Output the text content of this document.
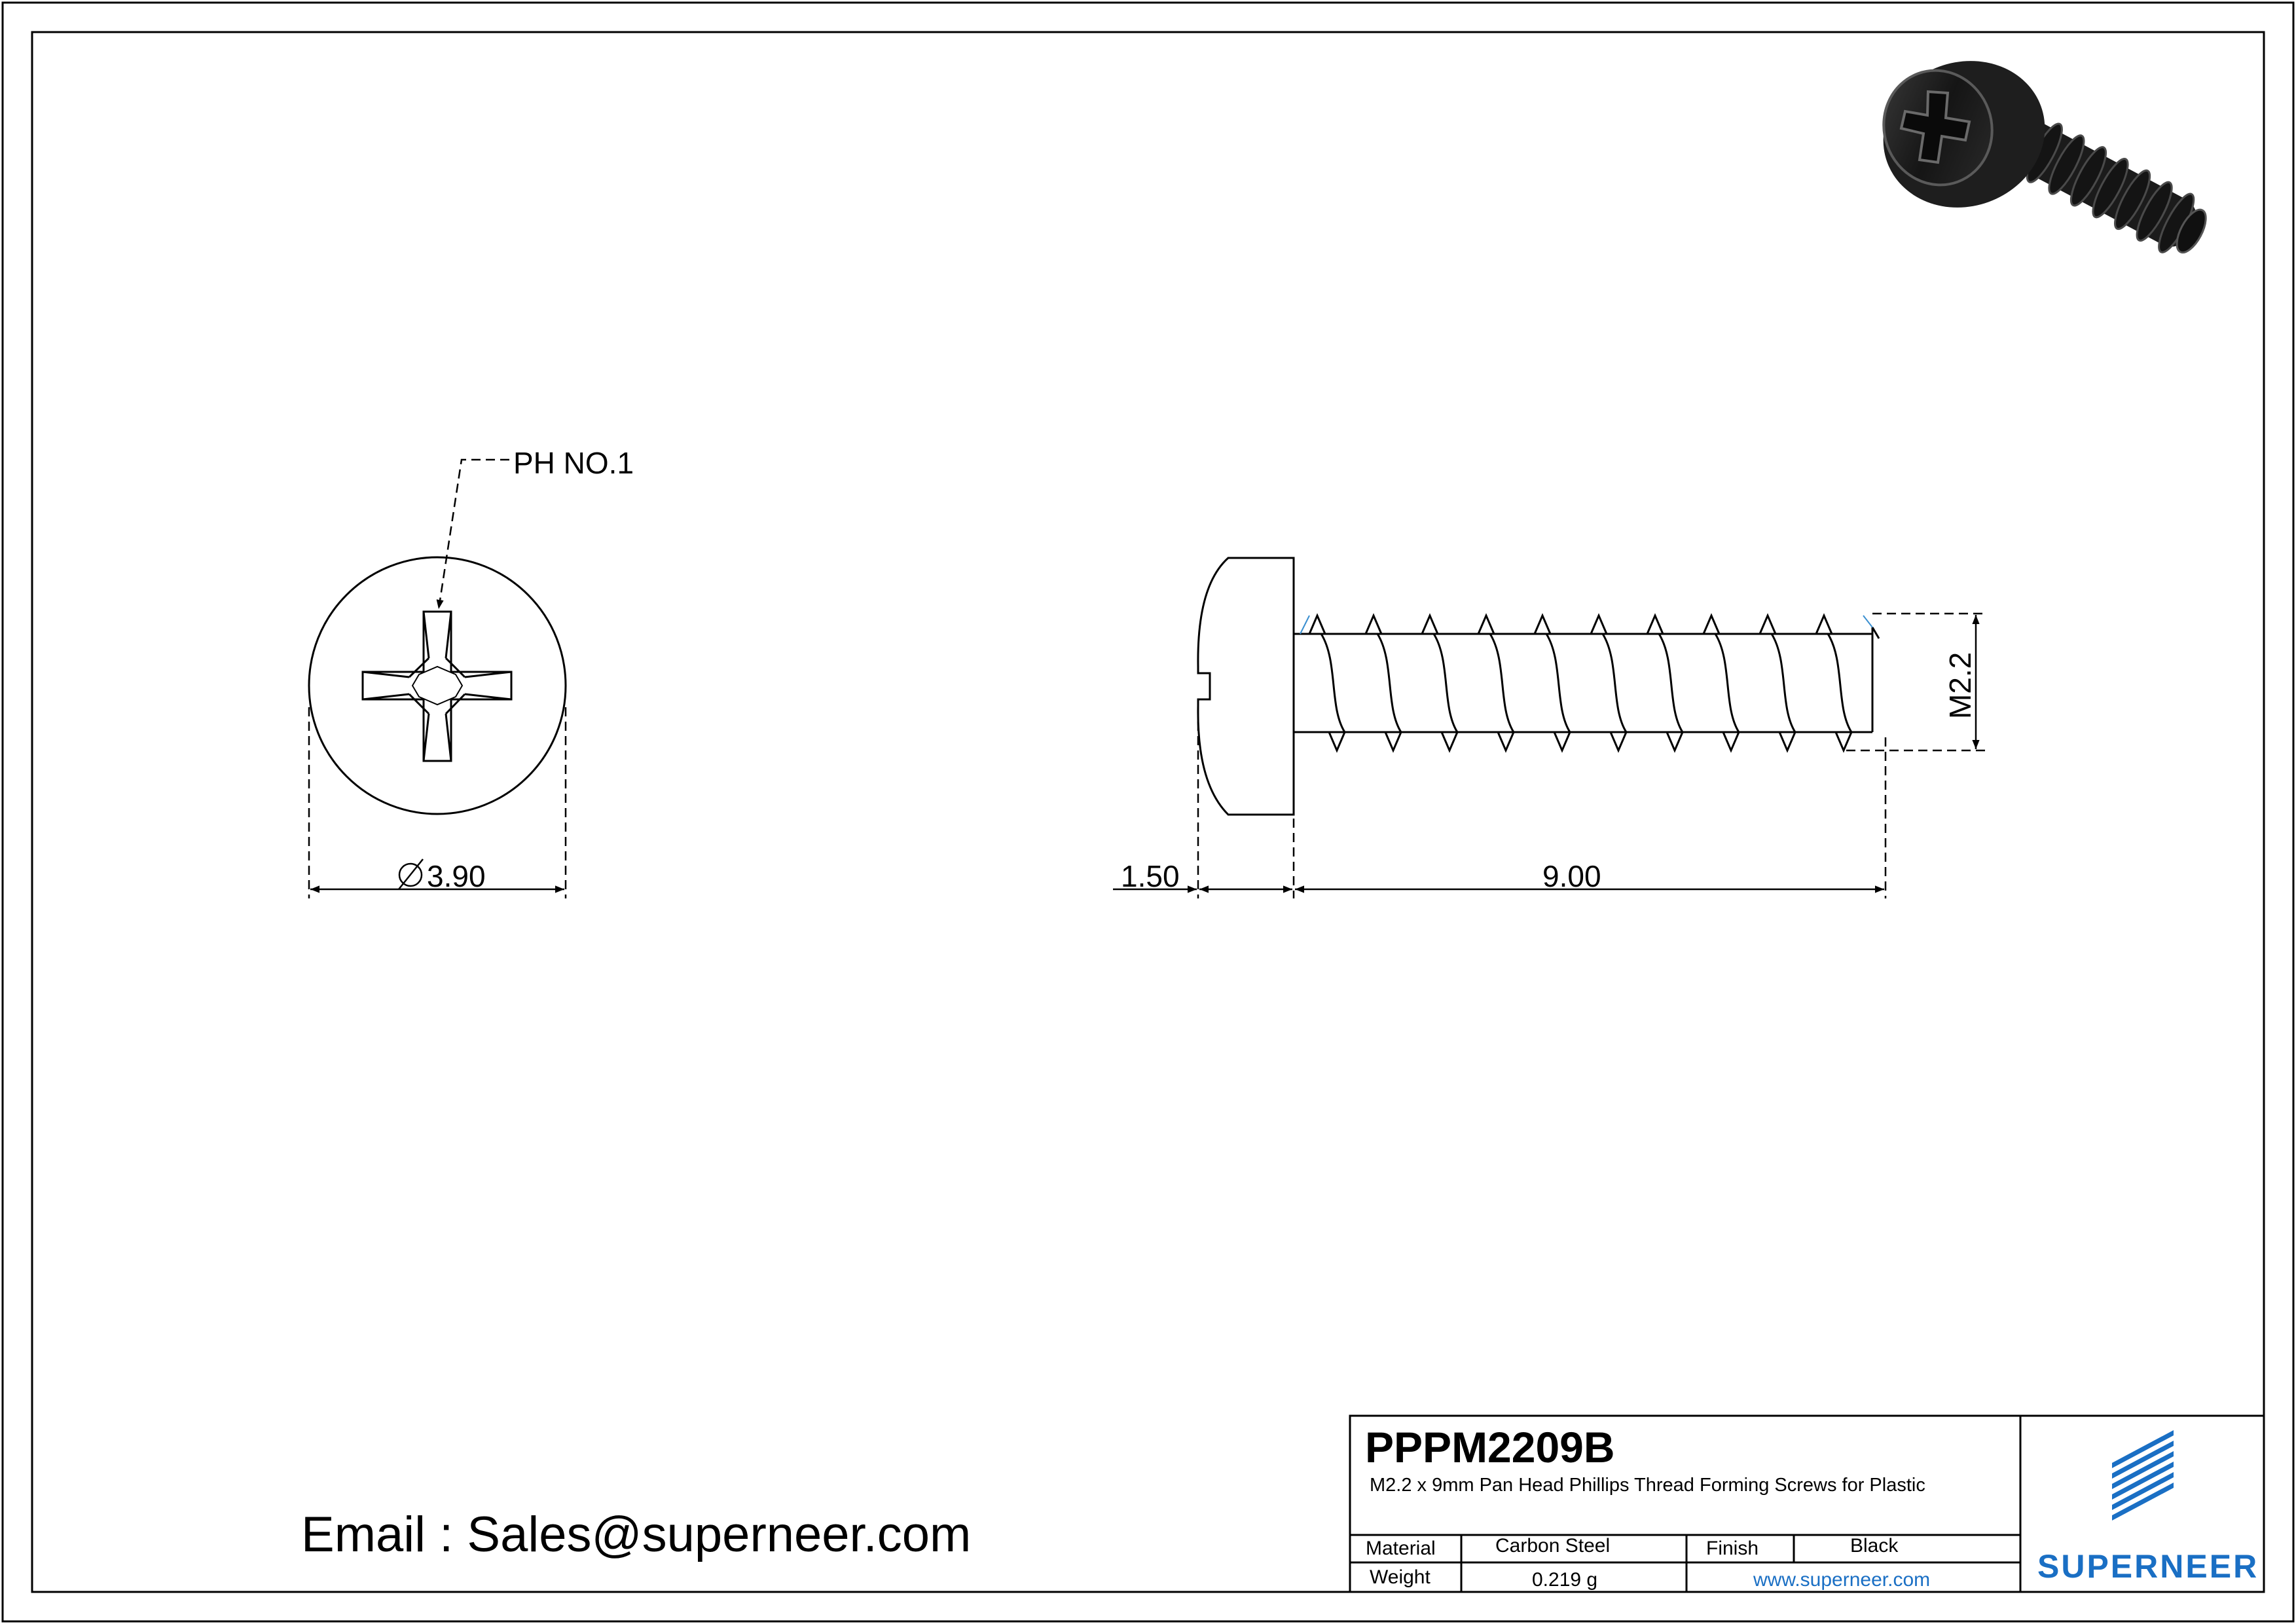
PH NO.1
3.90
M2.2
1.50	9.00
Email : Sales@superneer.com
PPPM2209B
M2.2 x 9mm Pan Head Phillips Thread Forming Screws for Plastic
Material	Carbon Steel	Finish	Black
Weight	0.219 g	www.superneer.com	SUPERNEER
